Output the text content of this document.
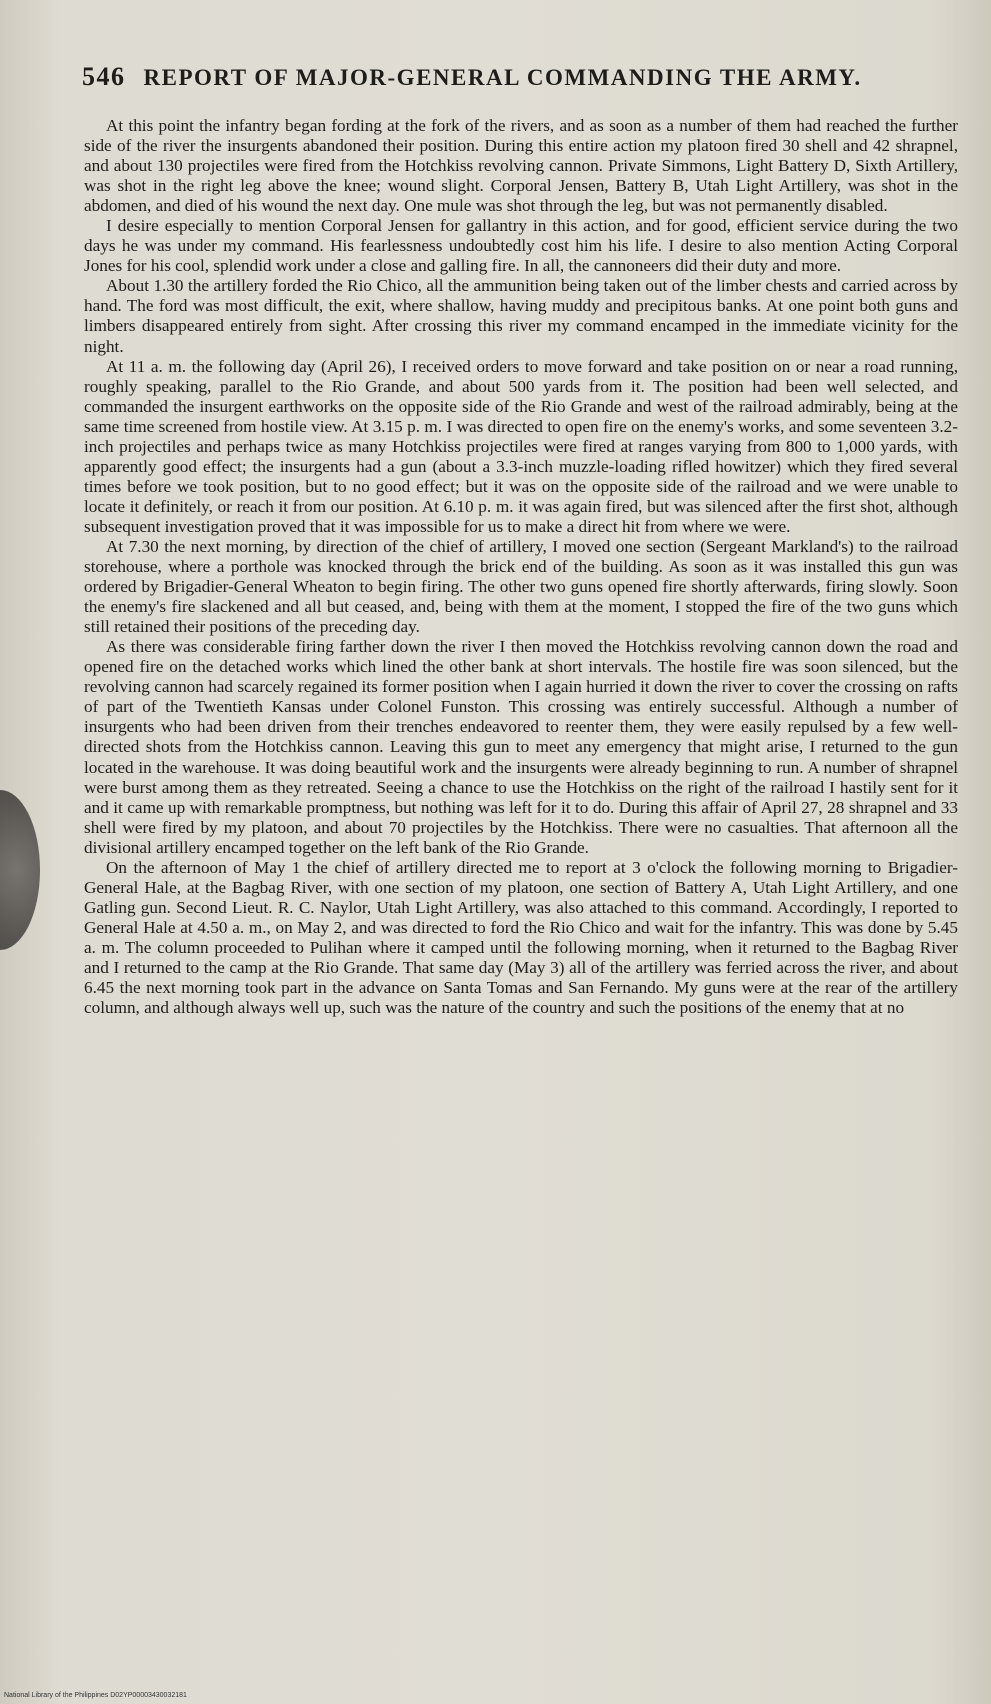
546 REPORT OF MAJOR-GENERAL COMMANDING THE ARMY.

At this point the infantry began fording at the fork of the rivers, and as soon as a number of them had reached the further side of the river the insurgents abandoned their position. During this entire action my platoon fired 30 shell and 42 shrapnel, and about 130 projectiles were fired from the Hotchkiss revolving cannon. Private Simmons, Light Battery D, Sixth Artillery, was shot in the right leg above the knee; wound slight. Corporal Jensen, Battery B, Utah Light Artillery, was shot in the abdomen, and died of his wound the next day. One mule was shot through the leg, but was not permanently disabled.

I desire especially to mention Corporal Jensen for gallantry in this action, and for good, efficient service during the two days he was under my command. His fearlessness undoubtedly cost him his life. I desire to also mention Acting Corporal Jones for his cool, splendid work under a close and galling fire. In all, the cannoneers did their duty and more.

About 1.30 the artillery forded the Rio Chico, all the ammunition being taken out of the limber chests and carried across by hand. The ford was most difficult, the exit, where shallow, having muddy and precipitous banks. At one point both guns and limbers disappeared entirely from sight. After crossing this river my command encamped in the immediate vicinity for the night.

At 11 a. m. the following day (April 26), I received orders to move forward and take position on or near a road running, roughly speaking, parallel to the Rio Grande, and about 500 yards from it. The position had been well selected, and commanded the insurgent earthworks on the opposite side of the Rio Grande and west of the railroad admirably, being at the same time screened from hostile view. At 3.15 p. m. I was directed to open fire on the enemy's works, and some seventeen 3.2-inch projectiles and perhaps twice as many Hotchkiss projectiles were fired at ranges varying from 800 to 1,000 yards, with apparently good effect; the insurgents had a gun (about a 3.3-inch muzzle-loading rifled howitzer) which they fired several times before we took position, but to no good effect; but it was on the opposite side of the railroad and we were unable to locate it definitely, or reach it from our position. At 6.10 p. m. it was again fired, but was silenced after the first shot, although subsequent investigation proved that it was impossible for us to make a direct hit from where we were.

At 7.30 the next morning, by direction of the chief of artillery, I moved one section (Sergeant Markland's) to the railroad storehouse, where a porthole was knocked through the brick end of the building. As soon as it was installed this gun was ordered by Brigadier-General Wheaton to begin firing. The other two guns opened fire shortly afterwards, firing slowly. Soon the enemy's fire slackened and all but ceased, and, being with them at the moment, I stopped the fire of the two guns which still retained their positions of the preceding day.

As there was considerable firing farther down the river I then moved the Hotchkiss revolving cannon down the road and opened fire on the detached works which lined the other bank at short intervals. The hostile fire was soon silenced, but the revolving cannon had scarcely regained its former position when I again hurried it down the river to cover the crossing on rafts of part of the Twentieth Kansas under Colonel Funston. This crossing was entirely successful. Although a number of insurgents who had been driven from their trenches endeavored to reenter them, they were easily repulsed by a few well-directed shots from the Hotchkiss cannon. Leaving this gun to meet any emergency that might arise, I returned to the gun located in the warehouse. It was doing beautiful work and the insurgents were already beginning to run. A number of shrapnel were burst among them as they retreated. Seeing a chance to use the Hotchkiss on the right of the railroad I hastily sent for it and it came up with remarkable promptness, but nothing was left for it to do. During this affair of April 27, 28 shrapnel and 33 shell were fired by my platoon, and about 70 projectiles by the Hotchkiss. There were no casualties. That afternoon all the divisional artillery encamped together on the left bank of the Rio Grande.

On the afternoon of May 1 the chief of artillery directed me to report at 3 o'clock the following morning to Brigadier-General Hale, at the Bagbag River, with one section of my platoon, one section of Battery A, Utah Light Artillery, and one Gatling gun. Second Lieut. R. C. Naylor, Utah Light Artillery, was also attached to this command. Accordingly, I reported to General Hale at 4.50 a. m., on May 2, and was directed to ford the Rio Chico and wait for the infantry. This was done by 5.45 a. m. The column proceeded to Pulihan where it camped until the following morning, when it returned to the Bagbag River and I returned to the camp at the Rio Grande. That same day (May 3) all of the artillery was ferried across the river, and about 6.45 the next morning took part in the advance on Santa Tomas and San Fernando. My guns were at the rear of the artillery column, and although always well up, such was the nature of the country and such the positions of the enemy that at no

National Library of the Philippines D02YP00003430032181
